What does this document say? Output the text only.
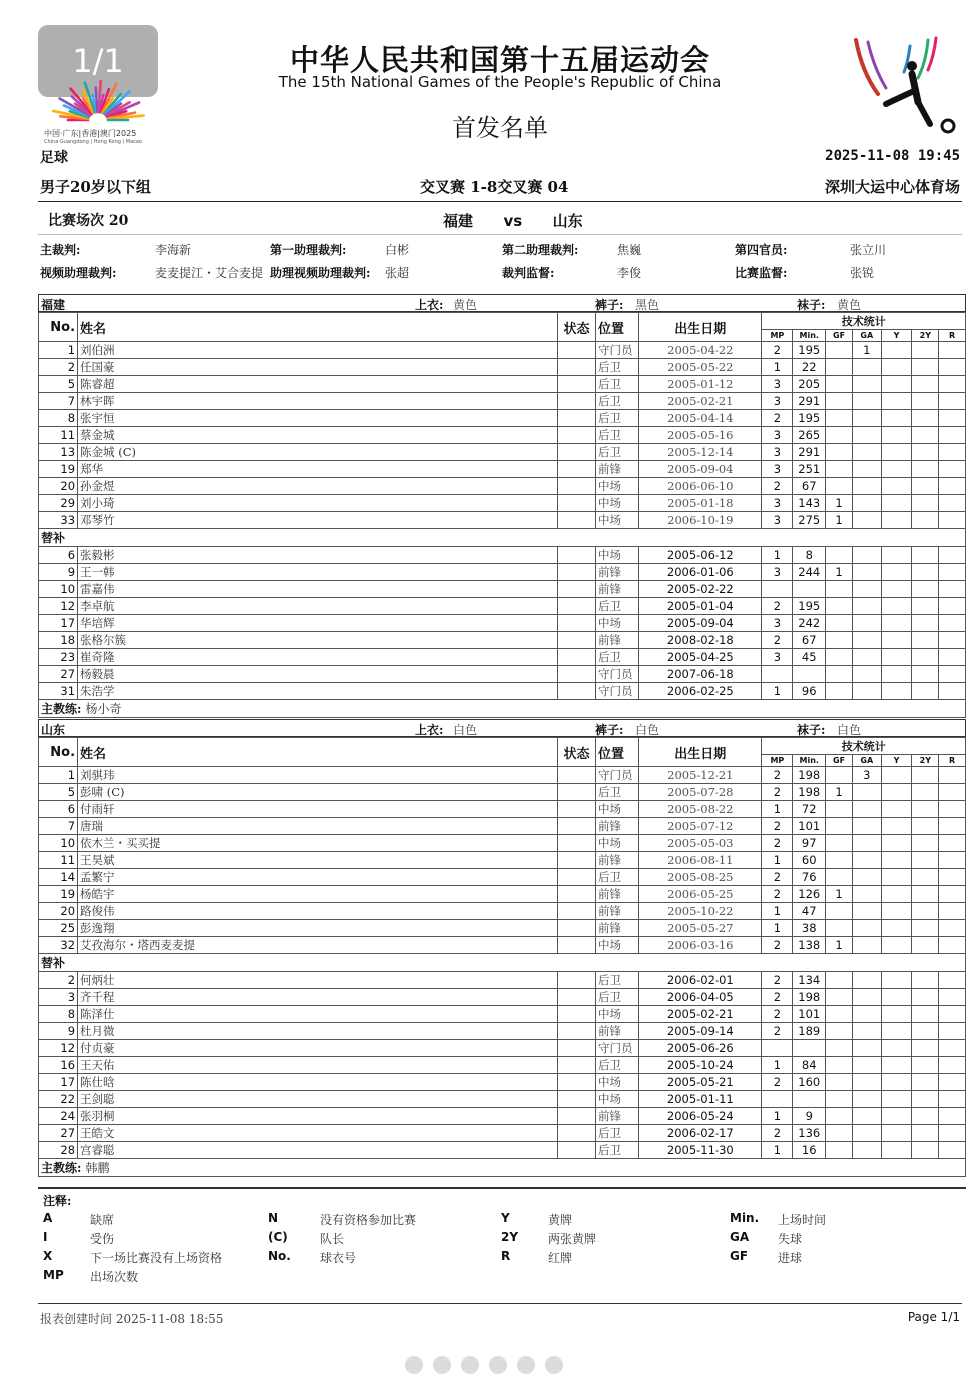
1/1
中国·广东|香港|澳门2025
China·Guangdong | Hong Kong | Macao
中华人民共和国第十五届运动会
The 15th National Games of the People's Republic of China
首发名单
足球	2025-11-08 19:45
男子20岁以下组	交叉赛 1-8交叉赛 04	深圳大运中心体育场
比赛场次 20	福建 vs 山东
主裁判:	李海新	第一助理裁判:	白彬	第二助理裁判:	焦巍	第四官员:	张立川
视频助理裁判:	麦麦提江・艾合麦提 助理视频助理裁判: 张超	裁判监督:	李俊	比赛监督:	张锐
福建	上衣: 黄色	裤子: 黑色	袜子: 黄色
No.	姓名	状态	位置	出生日期	技术统计						
					MP	Min.	GF	GA	Y	2Y	R
1	刘伯洲		守门员	2005-04-22	2	195		1			
2	任国豪		后卫	2005-05-22	1	22					
5	陈睿超		后卫	2005-01-12	3	205					
7	林宇晖		后卫	2005-02-21	3	291					
8	张宇恒		后卫	2005-04-14	2	195					
11	蔡金城		后卫	2005-05-16	3	265					
13	陈金城 (C)		后卫	2005-12-14	3	291					
19	郑华		前锋	2005-09-04	3	251					
20	孙金煜		中场	2006-06-10	2	67					
29	刘小琦		中场	2005-01-18	3	143	1				
33	邓琴竹		中场	2006-10-19	3	275	1				
替补											
6	张毅彬		中场	2005-06-12	1	8					
9	王一韩		前锋	2006-01-06	3	244	1				
10	雷嘉伟		前锋	2005-02-22							
12	李卓航		后卫	2005-01-04	2	195					
17	华培辉		中场	2005-09-04	3	242					
18	张格尔簇		前锋	2008-02-18	2	67					
23	崔奇隆		后卫	2005-04-25	3	45					
27	杨毅晨		守门员	2007-06-18							
31	朱浩学		守门员	2006-02-25	1	96					
主教练: 杨小奇											
山东	上衣: 白色	裤子: 白色	袜子: 白色
No.	姓名	状态	位置	出生日期	技术统计						
					MP	Min.	GF	GA	Y	2Y	R
1	刘骐玮		守门员	2005-12-21	2	198		3			
5	彭啸 (C)		后卫	2005-07-28	2	198	1				
6	付雨轩		中场	2005-08-22	1	72					
7	唐瑞		前锋	2005-07-12	2	101					
10	依木兰・买买提		中场	2005-05-03	2	97					
11	王昊斌		前锋	2006-08-11	1	60					
14	孟繁宁		后卫	2005-08-25	2	76					
19	杨皓宇		前锋	2006-05-25	2	126	1				
20	路俊伟		前锋	2005-10-22	1	47					
25	彭逸翔		前锋	2005-05-27	1	38					
32	艾孜海尔・塔西麦麦提		中场	2006-03-16	2	138	1				
替补											
2	何炳壮		后卫	2006-02-01	2	134					
3	齐千程		后卫	2006-04-05	2	198					
8	陈泽仕		中场	2005-02-21	2	101					
9	杜月微		前锋	2005-09-14	2	189					
12	付贞豪		守门员	2005-06-26							
16	王天佑		后卫	2005-10-24	1	84					
17	陈仕晗		中场	2005-05-21	2	160					
22	王剑聪		中场	2005-01-11							
24	张羽桐		前锋	2006-05-24	1	9					
27	王皓文		后卫	2006-02-17	2	136					
28	宫睿聪		后卫	2005-11-30	1	16					
主教练: 韩鹏											
注释:
A	缺席	N	没有资格参加比赛	Y	黄牌	Min. 上场时间
I	受伤	(C)	队长	2Y 两张黄牌	GA 失球
X	下一场比赛没有上场资格	No. 球衣号	R	红牌	GF 进球
MP 出场次数
报表创建时间 2025-11-08 18:55	Page 1/1
